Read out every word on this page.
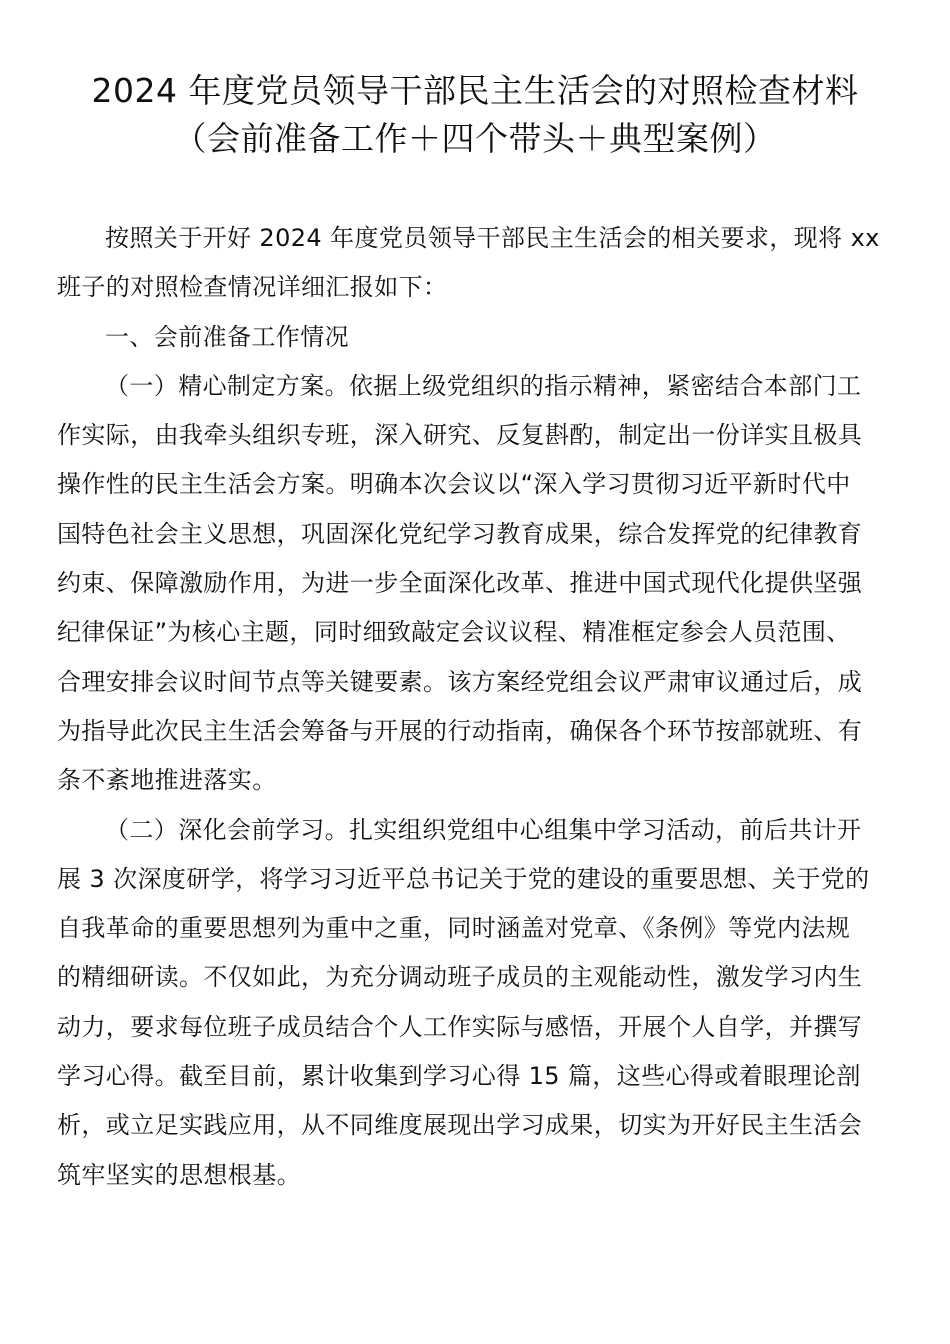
2024 年度党员领导干部民主生活会的对照检查材料
（会前准备工作＋四个带头＋典型案例）

按照关于开好 2024 年度党员领导干部民主生活会的相关要求，现将 xx
班子的对照检查情况详细汇报如下：

一、会前准备工作情况

（一）精心制定方案。依据上级党组织的指示精神，紧密结合本部门工
作实际，由我牵头组织专班，深入研究、反复斟酌，制定出一份详实且极具
操作性的民主生活会方案。明确本次会议以“深入学习贯彻习近平新时代中
国特色社会主义思想，巩固深化党纪学习教育成果，综合发挥党的纪律教育
约束、保障激励作用，为进一步全面深化改革、推进中国式现代化提供坚强
纪律保证”为核心主题，同时细致敲定会议议程、精准框定参会人员范围、
合理安排会议时间节点等关键要素。该方案经党组会议严肃审议通过后，成
为指导此次民主生活会筹备与开展的行动指南，确保各个环节按部就班、有
条不紊地推进落实。

（二）深化会前学习。扎实组织党组中心组集中学习活动，前后共计开
展 3 次深度研学，将学习习近平总书记关于党的建设的重要思想、关于党的
自我革命的重要思想列为重中之重，同时涵盖对党章、《条例》等党内法规
的精细研读。不仅如此，为充分调动班子成员的主观能动性，激发学习内生
动力，要求每位班子成员结合个人工作实际与感悟，开展个人自学，并撰写
学习心得。截至目前，累计收集到学习心得 15 篇，这些心得或着眼理论剖
析，或立足实践应用，从不同维度展现出学习成果，切实为开好民主生活会
筑牢坚实的思想根基。
